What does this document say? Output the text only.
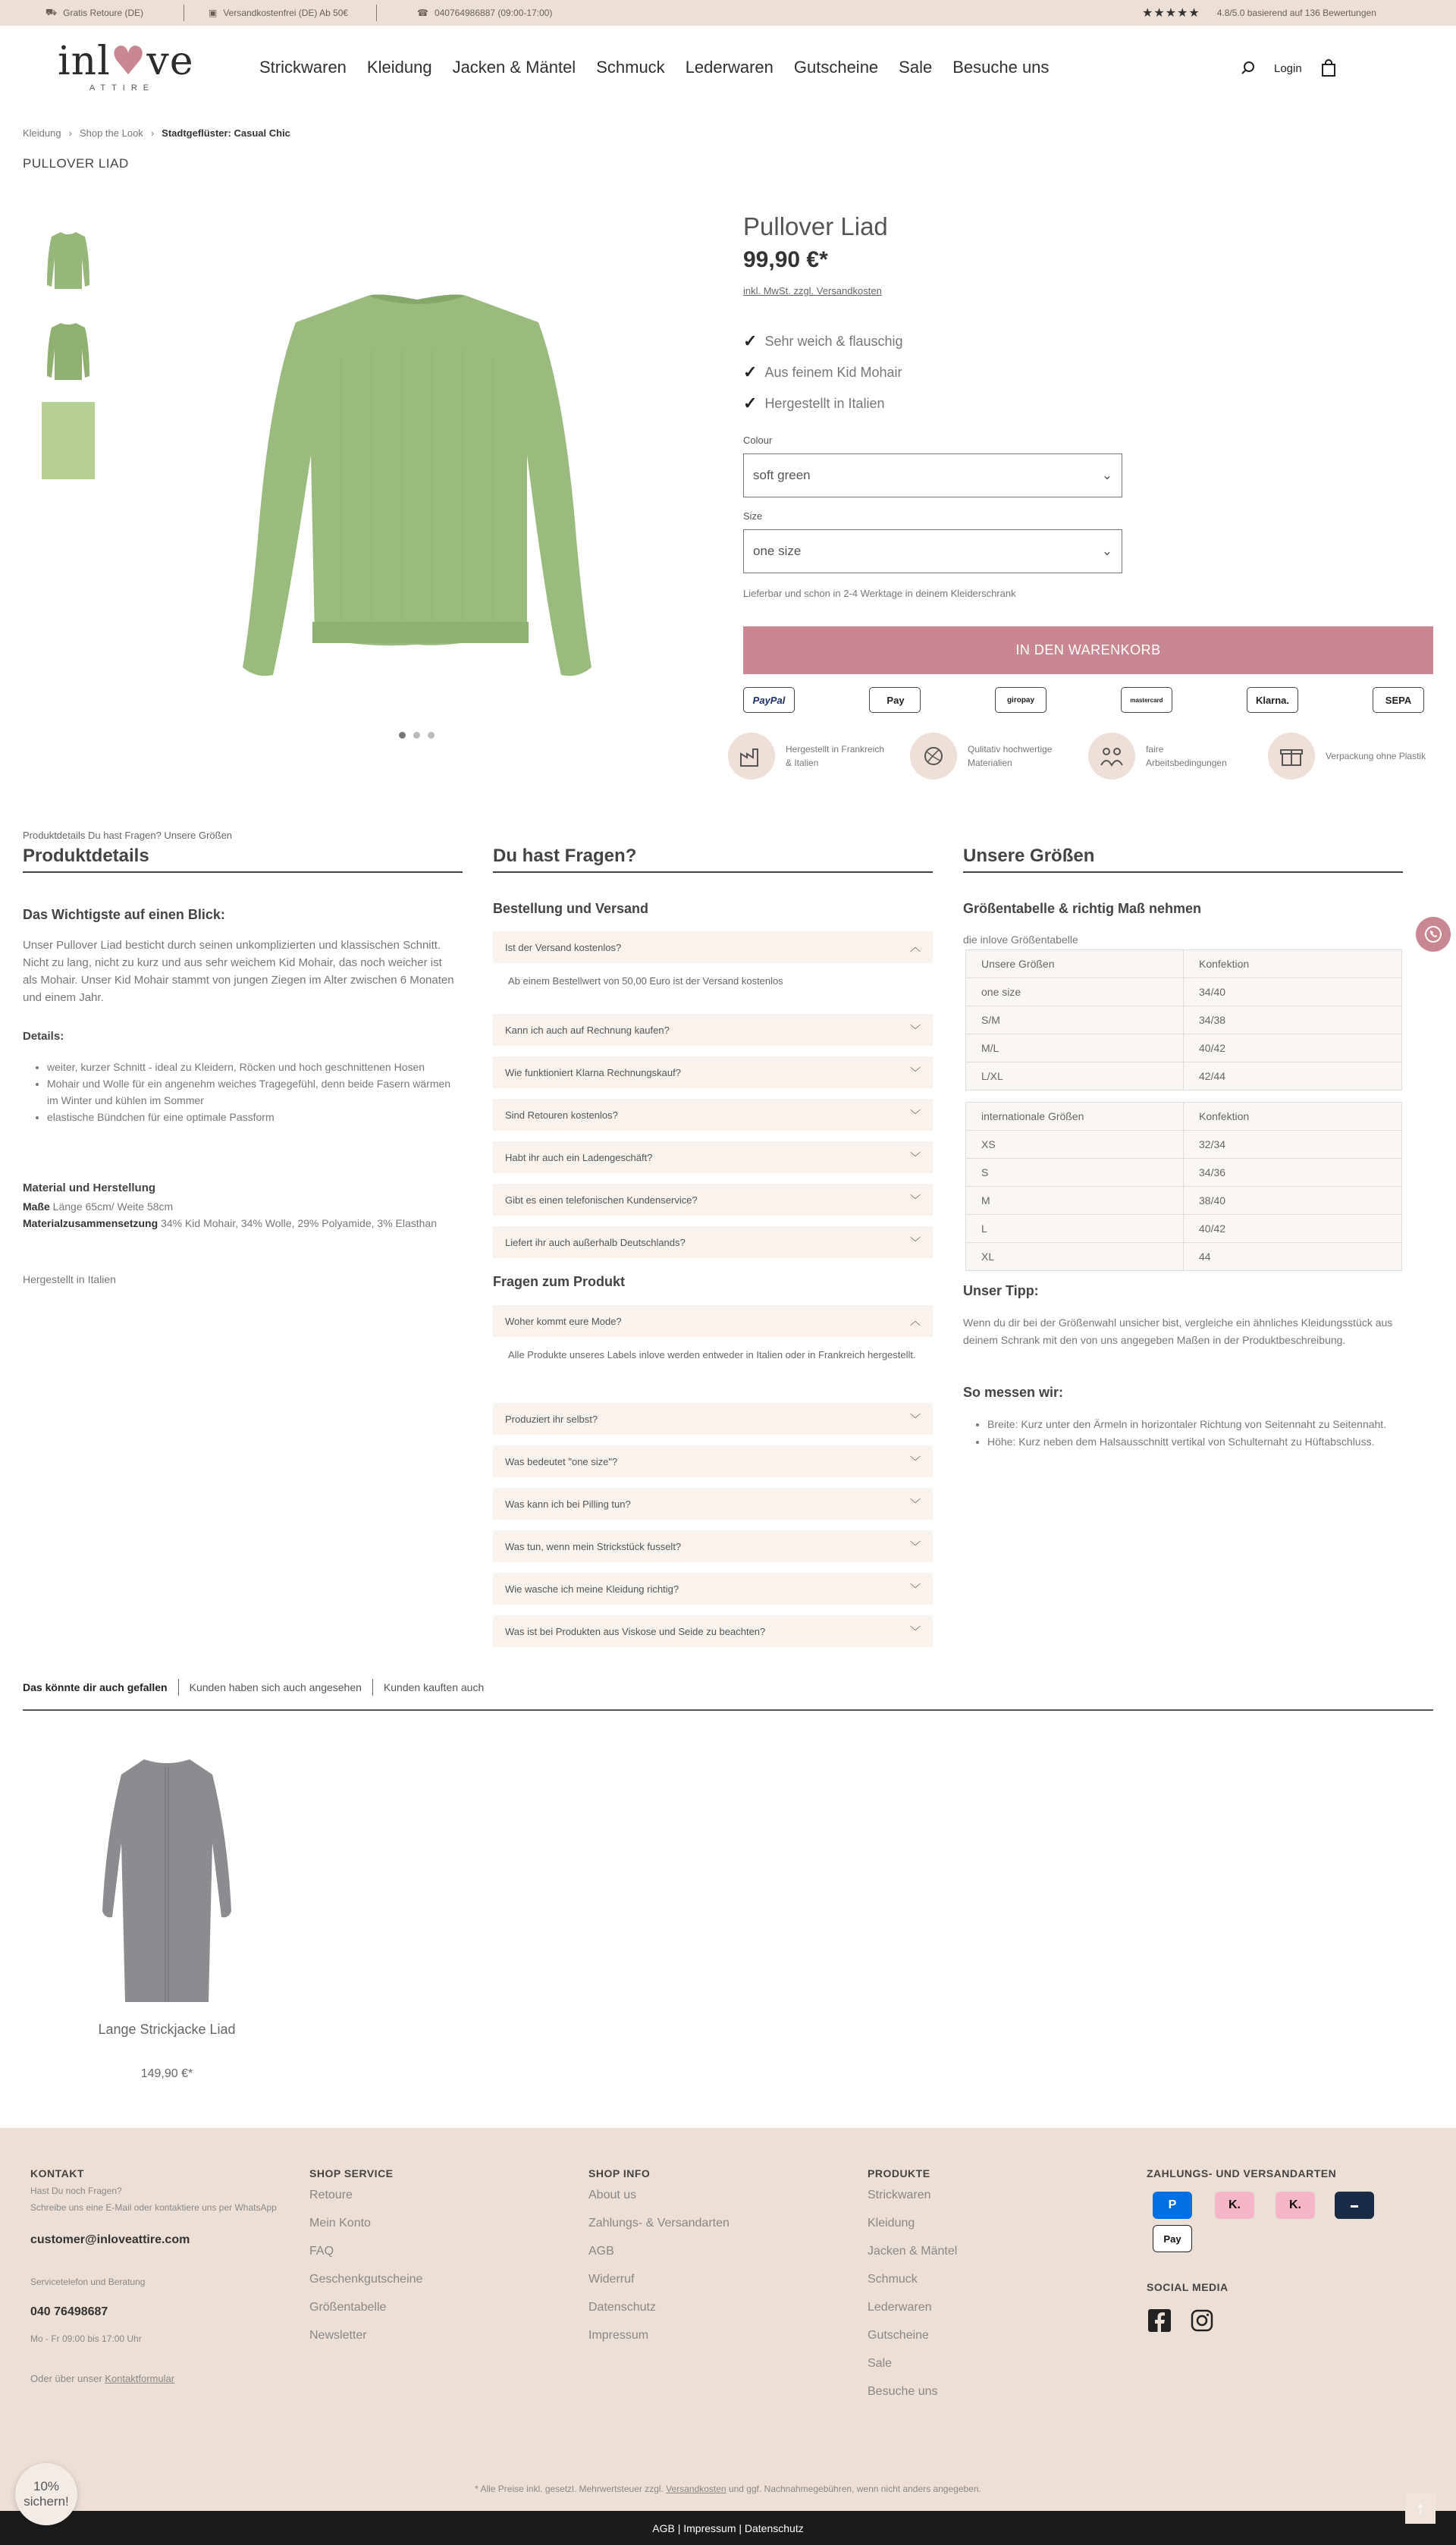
⛟ Gratis Retoure (DE)	▣ Versandkostenfrei (DE) Ab 50€	☎ 040764986887 (09:00-17:00)	★★★★★ 4.8/5.0 basierend auf 136 Bewertungen
inl♥ve
ATTIRE
Strickwaren Kleidung Jacken & Mäntel Schmuck Lederwaren Gutscheine Sale Besuche uns	Login
Kleidung › Shop the Look › Stadtgeflüster: Casual Chic
PULLOVER LIAD
Pullover Liad
99,90 €*
inkl. MwSt. zzgl. Versandkosten
✓ Sehr weich & flauschig
✓ Aus feinem Kid Mohair
✓ Hergestellt in Italien
Colour
soft green	⌄
Size
one size	⌄
Lieferbar und schon in 2-4 Werktage in deinem Kleiderschrank
IN DEN WARENKORB
PayPal	Pay	giropay	mastercard	Klarna.	SEPA
Hergestellt in Frankreich
& Italien
Qulitativ hochwertige
Materialien
faire
Arbeitsbedingungen
Verpackung ohne Plastik
Produktdetails Du hast Fragen? Unsere Größen
Produktdetails
Das Wichtigste auf einen Blick:
Unser Pullover Liad besticht durch seinen unkomplizierten und klassischen Schnitt. Nicht zu lang, nicht zu kurz und aus sehr weichem Kid Mohair, das noch weicher ist als Mohair. Unser Kid Mohair stammt von jungen Ziegen im Alter zwischen 6 Monaten und einem Jahr.
Details:
• weiter, kurzer Schnitt - ideal zu Kleidern, Röcken und hoch geschnittenen Hosen
• Mohair und Wolle für ein angenehm weiches Tragegefühl, denn beide Fasern wärmen im Winter und kühlen im Sommer
• elastische Bündchen für eine optimale Passform
Material und Herstellung
Maße Länge 65cm/ Weite 58cm
Materialzusammensetzung 34% Kid Mohair, 34% Wolle, 29% Polyamide, 3% Elasthan
Hergestellt in Italien
Du hast Fragen?
Bestellung und Versand
Ist der Versand kostenlos?	︿
Ab einem Bestellwert von 50,00 Euro ist der Versand kostenlos
Kann ich auch auf Rechnung kaufen?	﹀
Wie funktioniert Klarna Rechnungskauf?	﹀
Sind Retouren kostenlos?	﹀
Habt ihr auch ein Ladengeschäft?	﹀
Gibt es einen telefonischen Kundenservice?	﹀
Liefert ihr auch außerhalb Deutschlands?	﹀
Fragen zum Produkt
Woher kommt eure Mode?	︿
Alle Produkte unseres Labels inlove werden entweder in Italien oder in Frankreich hergestellt.
Produziert ihr selbst?	﹀
Was bedeutet "one size"?	﹀
Was kann ich bei Pilling tun?	﹀
Was tun, wenn mein Strickstück fusselt?	﹀
Wie wasche ich meine Kleidung richtig?	﹀
Was ist bei Produkten aus Viskose und Seide zu beachten?	﹀
Unsere Größen
Größentabelle & richtig Maß nehmen
die inlove Größentabelle
Unsere Größen	Konfektion
one size	34/40
S/M	34/38
M/L	40/42
L/XL	42/44
internationale Größen	Konfektion
XS	32/34
S	34/36
M	38/40
L	40/42
XL	44
Unser Tipp:
Wenn du dir bei der Größenwahl unsicher bist, vergleiche ein ähnliches Kleidungsstück aus deinem Schrank mit den von uns angegeben Maßen in der Produktbeschreibung.
So messen wir:
• Breite: Kurz unter den Ärmeln in horizontaler Richtung von Seitennaht zu Seitennaht.
• Höhe: Kurz neben dem Halsausschnitt vertikal von Schulternaht zu Hüftabschluss.
Das könnte dir auch gefallen	Kunden haben sich auch angesehen	Kunden kauften auch
Lange Strickjacke Liad
149,90 €*
KONTAKT
Hast Du noch Fragen?
Schreibe uns eine E-Mail oder kontaktiere uns per WhatsApp
customer@inloveattire.com
Servicetelefon und Beratung
040 76498687
Mo - Fr 09:00 bis 17:00 Uhr
Oder über unser Kontaktformular
SHOP SERVICE
Retoure
Mein Konto
FAQ
Geschenkgutscheine
Größentabelle
Newsletter
SHOP INFO
About us
Zahlungs- & Versandarten
AGB
Widerruf
Datenschutz
Impressum
PRODUKTE
Strickwaren
Kleidung
Jacken & Mäntel
Schmuck
Lederwaren
Gutscheine
Sale
Besuche uns
ZAHLUNGS- UND VERSANDARTEN
P	K.	K.	▬
Pay
SOCIAL MEDIA
* Alle Preise inkl. gesetzl. Mehrwertsteuer zzgl. Versandkosten und ggf. Nachnahmegebühren, wenn nicht anders angegeben.
AGB | Impressum | Datenschutz
10%
sichern!	↑
